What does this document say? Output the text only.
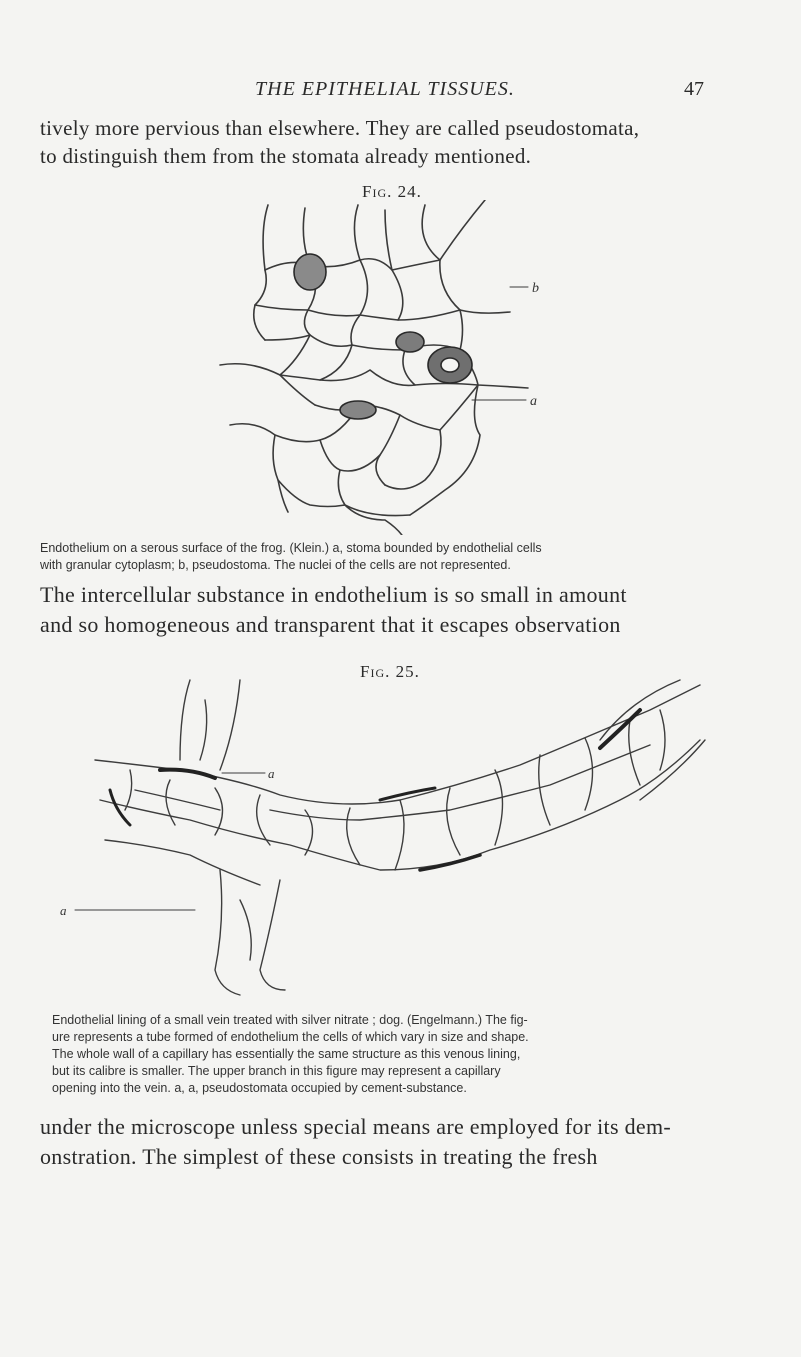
THE EPITHELIAL TISSUES.	47
tively more pervious than elsewhere. They are called pseudostomata,
to distinguish them from the stomata already mentioned.
Fig. 24.
b
a
Endothelium on a serous surface of the frog. (Klein.) a, stoma bounded by endothelial cells
with granular cytoplasm; b, pseudostoma. The nuclei of the cells are not represented.
The intercellular substance in endothelium is so small in amount
and so homogeneous and transparent that it escapes observation
Fig. 25.
a
a
Endothelial lining of a small vein treated with silver nitrate ; dog. (Engelmann.) The fig-
ure represents a tube formed of endothelium the cells of which vary in size and shape.
The whole wall of a capillary has essentially the same structure as this venous lining,
but its calibre is smaller. The upper branch in this figure may represent a capillary
opening into the vein. a, a, pseudostomata occupied by cement-substance.
under the microscope unless special means are employed for its dem-
onstration. The simplest of these consists in treating the fresh
